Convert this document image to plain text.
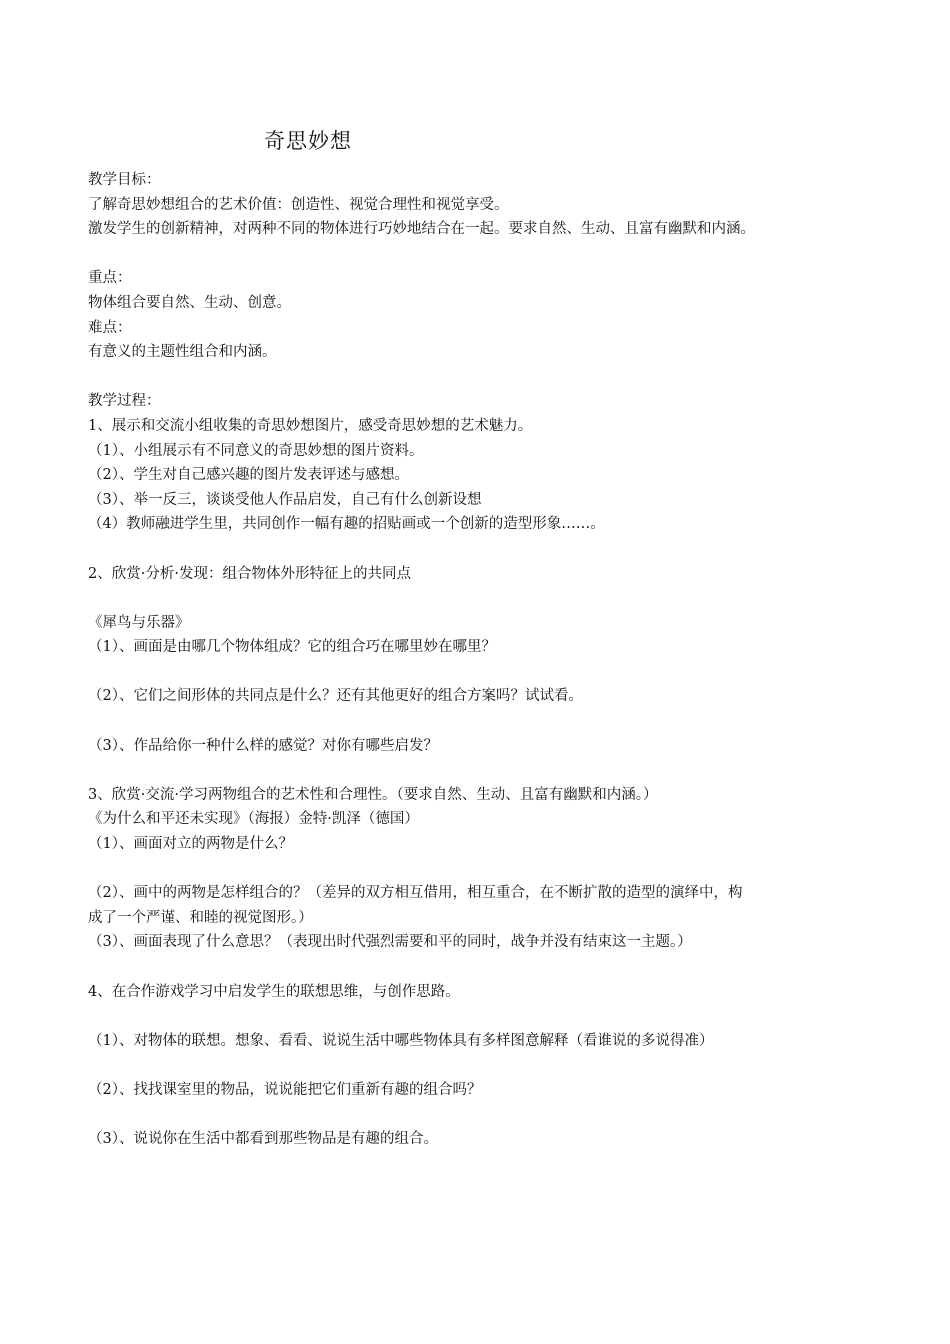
奇思妙想
教学目标：
了解奇思妙想组合的艺术价值：创造性、视觉合理性和视觉享受。
激发学生的创新精神，对两种不同的物体进行巧妙地结合在一起。要求自然、生动、且富有幽默和内涵。
重点：
物体组合要自然、生动、创意。
难点：
有意义的主题性组合和内涵。
教学过程：
1、展示和交流小组收集的奇思妙想图片，感受奇思妙想的艺术魅力。
（1）、小组展示有不同意义的奇思妙想的图片资料。
（2）、学生对自己感兴趣的图片发表评述与感想。
（3）、举一反三，谈谈受他人作品启发，自己有什么创新设想
（4）教师融进学生里，共同创作一幅有趣的招贴画或一个创新的造型形象……。
2、欣赏·分析·发现：组合物体外形特征上的共同点
《犀鸟与乐器》
（1）、画面是由哪几个物体组成？它的组合巧在哪里妙在哪里？
（2）、它们之间形体的共同点是什么？还有其他更好的组合方案吗？试试看。
（3）、作品给你一种什么样的感觉？对你有哪些启发？
3、欣赏·交流·学习两物组合的艺术性和合理性。（要求自然、生动、且富有幽默和内涵。）
《为什么和平还未实现》（海报）金特·凯泽（德国）
（1）、画面对立的两物是什么？
（2）、画中的两物是怎样组合的？（差异的双方相互借用，相互重合，在不断扩散的造型的演绎中，构
成了一个严谨、和睦的视觉图形。）
（3）、画面表现了什么意思？（表现出时代强烈需要和平的同时，战争并没有结束这一主题。）
4、在合作游戏学习中启发学生的联想思维，与创作思路。
（1）、对物体的联想。想象、看看、说说生活中哪些物体具有多样图意解释（看谁说的多说得准）
（2）、找找课室里的物品，说说能把它们重新有趣的组合吗？
（3）、说说你在生活中都看到那些物品是有趣的组合。
